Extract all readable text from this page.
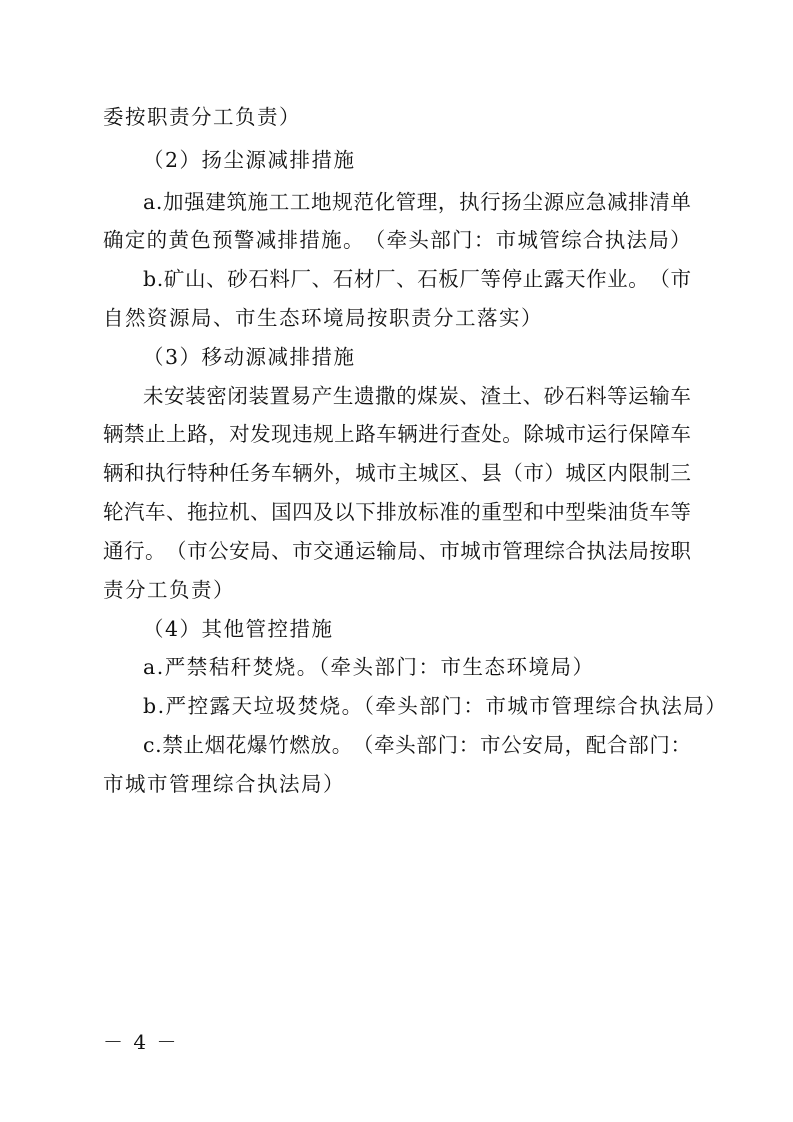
委按职责分工负责）
（2）扬尘源减排措施
a . 加 强 建 筑 施 工 工 地 规 范 化 管 理 ， 执 行 扬 尘 源 应 急 减 排 清 单
确 定 的 黄 色 预 警 减 排 措 施 。 （ 牵 头 部 门 ： 市 城 管 综 合 执 法 局 ）
b . 矿 山 、 砂 石 料 厂 、 石 材 厂 、 石 板 厂 等 停 止 露 天 作 业 。 （ 市
自然资源局、市生态环境局按职责分工落实）
（3）移动源减排措施
未 安 装 密 闭 装 置 易 产 生 遗 撒 的 煤 炭 、 渣 土 、 砂 石 料 等 运 输 车
辆 禁 止 上 路 ， 对 发 现 违 规 上 路 车 辆 进 行 查 处 。 除 城 市 运 行 保 障 车
辆 和 执 行 特 种 任 务 车 辆 外 ， 城 市 主 城 区 、 县 （ 市 ） 城 区 内 限 制 三
轮 汽 车 、 拖 拉 机 、 国 四 及 以 下 排 放 标 准 的 重 型 和 中 型 柴 油 货 车 等
通 行 。 （ 市 公 安 局 、 市 交 通 运 输 局 、 市 城 市 管 理 综 合 执 法 局 按 职
责分工负责）
（4）其他管控措施
a.严禁秸秆焚烧。（牵头部门：市生态环境局）
b.严控露天垃圾焚烧。（牵头部门：市城市管理综合执法局）
c . 禁 止 烟 花 爆 竹 燃 放 。 （ 牵 头 部 门 ： 市 公 安 局 ， 配 合 部 门 ：
市城市管理综合执法局）
－ 4 －
